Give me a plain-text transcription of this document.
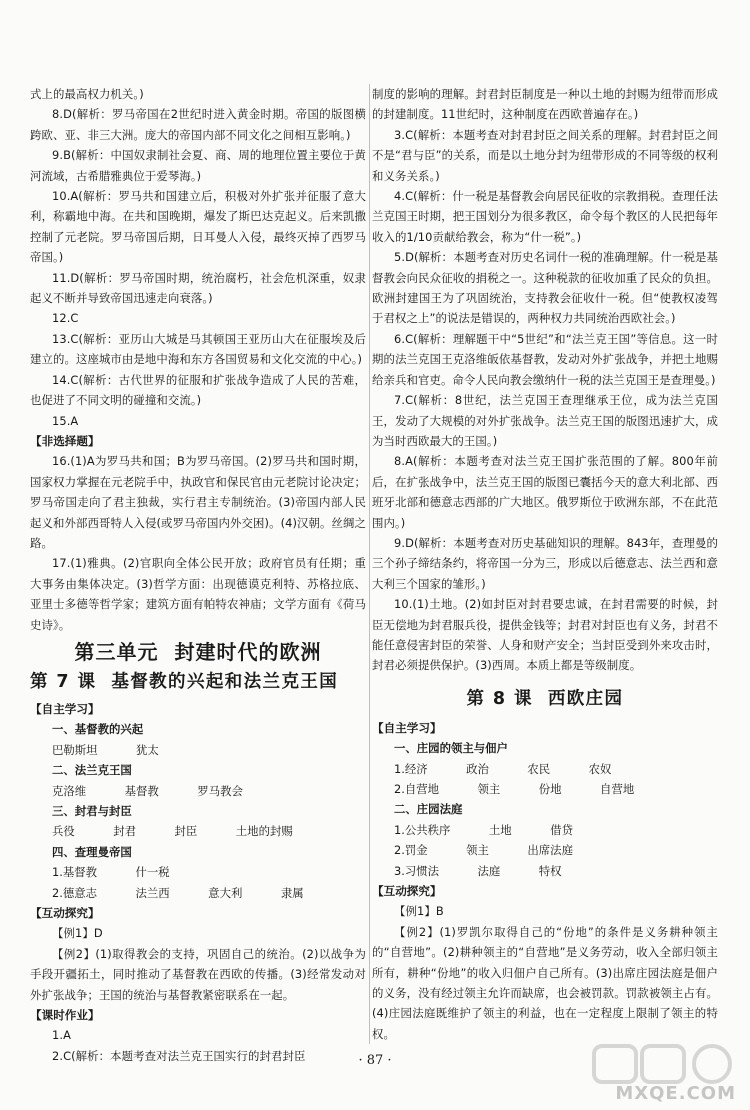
式上的最高权力机关。)

8.D(解析：罗马帝国在2世纪时进入黄金时期。帝国的版图横跨欧、亚、非三大洲。庞大的帝国内部不同文化之间相互影响。)

9.B(解析：中国奴隶制社会夏、商、周的地理位置主要位于黄河流域，古希腊雅典位于爱琴海。)

10.A(解析：罗马共和国建立后，积极对外扩张并征服了意大利，称霸地中海。在共和国晚期，爆发了斯巴达克起义。后来凯撒控制了元老院。罗马帝国后期，日耳曼人入侵，最终灭掉了西罗马帝国。)

11.D(解析：罗马帝国时期，统治腐朽，社会危机深重，奴隶起义不断并导致帝国迅速走向衰落。)

12.C

13.C(解析：亚历山大城是马其顿国王亚历山大在征服埃及后建立的。这座城市由是地中海和东方各国贸易和文化交流的中心。)

14.C(解析：古代世界的征服和扩张战争造成了人民的苦难，也促进了不同文明的碰撞和交流。)

15.A

【非选择题】

16.(1)A为罗马共和国；B为罗马帝国。(2)罗马共和国时期，国家权力掌握在元老院手中，执政官和保民官由元老院讨论决定；罗马帝国走向了君主独裁，实行君主专制统治。(3)帝国内部人民起义和外部西哥特人入侵(或罗马帝国内外交困)。(4)汉朝。丝绸之路。

17.(1)雅典。(2)官职向全体公民开放；政府官员有任期；重大事务由集体决定。(3)哲学方面：出现德谟克利特、苏格拉底、亚里士多德等哲学家；建筑方面有帕特农神庙；文学方面有《荷马史诗》。

第三单元  封建时代的欧洲
第 7 课  基督教的兴起和法兰克王国

【自主学习】

一、基督教的兴起

巴勒斯坦    犹太

二、法兰克王国

克洛维    基督教    罗马教会

三、封君与封臣

兵役    封君    封臣    土地的封赐

四、查理曼帝国

1.基督教    什一税

2.德意志    法兰西    意大利    隶属

【互动探究】

【例1】D

【例2】(1)取得教会的支持，巩固自己的统治。(2)以战争为手段开疆拓土，同时推动了基督教在西欧的传播。(3)经常发动对外扩张战争；王国的统治与基督教紧密联系在一起。

【课时作业】

1.A

2.C(解析：本题考查对法兰克王国实行的封君封臣

制度的影响的理解。封君封臣制度是一种以土地的封赐为纽带而形成的封建制度。11世纪时，这种制度在西欧普遍存在。)

3.C(解析：本题考查对封君封臣之间关系的理解。封君封臣之间不是“君与臣”的关系，而是以土地分封为纽带形成的不同等级的权利和义务关系。)

4.C(解析：什一税是基督教会向居民征收的宗教捐税。查理任法兰克国王时期，把王国划分为很多教区，命令每个教区的人民把每年收入的1/10贡献给教会，称为“什一税”。)

5.D(解析：本题考查对历史名词什一税的准确理解。什一税是基督教会向民众征收的捐税之一。这种税款的征收加重了民众的负担。欧洲封建国王为了巩固统治，支持教会征收什一税。但“使教权凌驾于君权之上”的说法是错误的，两种权力共同统治西欧社会。)

6.C(解析：理解题干中“5世纪”和“法兰克王国”等信息。这一时期的法兰克国王克洛维皈依基督教，发动对外扩张战争，并把土地赐给亲兵和官吏。命令人民向教会缴纳什一税的法兰克国王是查理曼。)

7.C(解析：8世纪，法兰克国王查理继承王位，成为法兰克国王，发动了大规模的对外扩张战争。法兰克王国的版图迅速扩大，成为当时西欧最大的王国。)

8.A(解析：本题考查对法兰克王国扩张范围的了解。800年前后，在扩张战争中，法兰克王国的版图已囊括今天的意大利北部、西班牙北部和德意志西部的广大地区。俄罗斯位于欧洲东部，不在此范围内。)

9.D(解析：本题考查对历史基础知识的理解。843年，查理曼的三个孙子缔结条约，将帝国一分为三，形成以后德意志、法兰西和意大利三个国家的雏形。)

10.(1)土地。(2)如封臣对封君要忠诚，在封君需要的时候，封臣无偿地为封君服兵役，提供金钱等；封君对封臣也有义务，封君不能任意侵害封臣的荣誉、人身和财产安全；当封臣受到外来攻击时，封君必须提供保护。(3)西周。本质上都是等级制度。

第 8 课  西欧庄园

【自主学习】

一、庄园的领主与佃户

1.经济    政治    农民    农奴

2.自营地    领主    份地    自营地

二、庄园法庭

1.公共秩序    土地    借贷

2.罚金    领主    出席法庭

3.习惯法    法庭    特权

【互动探究】

【例1】B

【例2】(1)罗凯尔取得自己的“份地”的条件是义务耕种领主的“自营地”。(2)耕种领主的“自营地”是义务劳动，收入全部归领主所有，耕种“份地”的收入归佃户自己所有。(3)出席庄园法庭是佃户的义务，没有经过领主允许而缺席，也会被罚款。罚款被领主占有。(4)庄园法庭既维护了领主的利益，也在一定程度上限制了领主的特权。

· 87 ·
MXQE.COM
